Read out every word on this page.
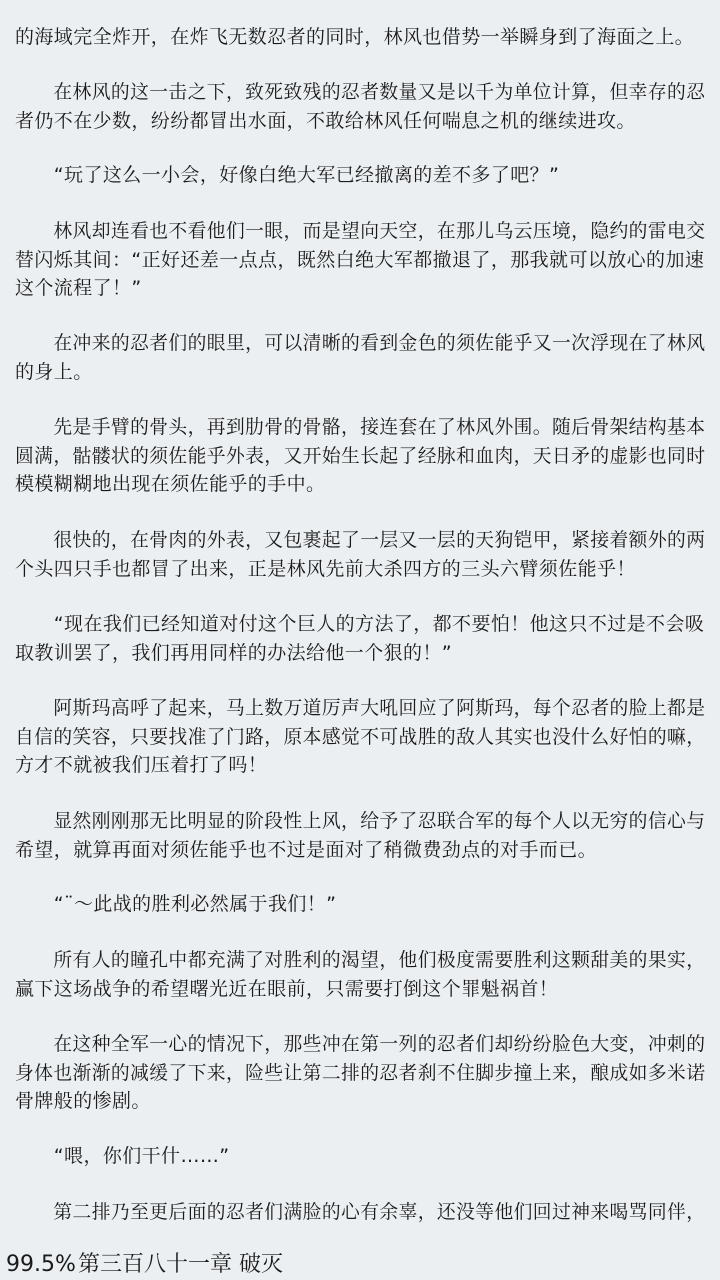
的海域完全炸开，在炸飞无数忍者的同时，林风也借势一举瞬身到了海面之上。

　　在林风的这一击之下，致死致残的忍者数量又是以千为单位计算，但幸存的忍
者仍不在少数，纷纷都冒出水面，不敢给林风任何喘息之机的继续进攻。

　　“玩了这么一小会，好像白绝大军已经撤离的差不多了吧？”

　　林风却连看也不看他们一眼，而是望向天空，在那儿乌云压境，隐约的雷电交
替闪烁其间：“正好还差一点点，既然白绝大军都撤退了，那我就可以放心的加速
这个流程了！”

　　在冲来的忍者们的眼里，可以清晰的看到金色的须佐能乎又一次浮现在了林风
的身上。

　　先是手臂的骨头，再到肋骨的骨骼，接连套在了林风外围。随后骨架结构基本
圆满，骷髅状的须佐能乎外表，又开始生长起了经脉和血肉，天日矛的虚影也同时
模模糊糊地出现在须佐能乎的手中。

　　很快的，在骨肉的外表，又包裹起了一层又一层的天狗铠甲，紧接着额外的两
个头四只手也都冒了出来，正是林风先前大杀四方的三头六臂须佐能乎！

　　“现在我们已经知道对付这个巨人的方法了，都不要怕！他这只不过是不会吸
取教训罢了，我们再用同样的办法给他一个狠的！”

　　阿斯玛高呼了起来，马上数万道厉声大吼回应了阿斯玛，每个忍者的脸上都是
自信的笑容，只要找准了门路，原本感觉不可战胜的敌人其实也没什么好怕的嘛，
方才不就被我们压着打了吗！

　　显然刚刚那无比明显的阶段性上风，给予了忍联合军的每个人以无穷的信心与
希望，就算再面对须佐能乎也不过是面对了稍微费劲点的对手而已。

　　“¨～此战的胜利必然属于我们！”

　　所有人的瞳孔中都充满了对胜利的渴望，他们极度需要胜利这颗甜美的果实，
赢下这场战争的希望曙光近在眼前，只需要打倒这个罪魁祸首！

　　在这种全军一心的情况下，那些冲在第一列的忍者们却纷纷脸色大变，冲刺的
身体也渐渐的减缓了下来，险些让第二排的忍者刹不住脚步撞上来，酿成如多米诺
骨牌般的惨剧。

　　“喂，你们干什……”

　　第二排乃至更后面的忍者们满脸的心有余辜，还没等他们回过神来喝骂同伴，

99.5% 第三百八十一章 破灭
